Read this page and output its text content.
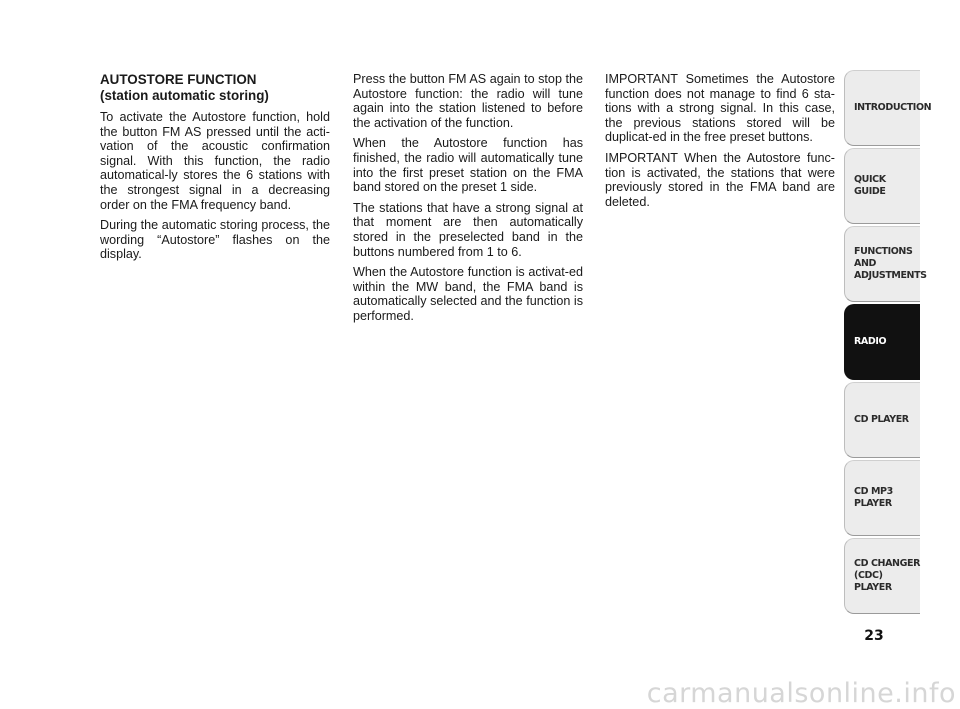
AUTOSTORE FUNCTION
(station automatic storing)

To activate the Autostore function, hold the button FM AS pressed until the acti-vation of the acoustic confirmation signal. With this function, the radio automatical-ly stores the 6 stations with the strongest signal in a decreasing order on the FMA frequency band.

During the automatic storing process, the wording “Autostore” flashes on the display.

Press the button FM AS again to stop the Autostore function: the radio will tune again into the station listened to before the activation of the function.

When the Autostore function has finished, the radio will automatically tune into the first preset station on the FMA band stored on the preset 1 side.

The stations that have a strong signal at that moment are then automatically stored in the preselected band in the buttons numbered from 1 to 6.

When the Autostore function is activat-ed within the MW band, the FMA band is automatically selected and the function is performed.

IMPORTANT Sometimes the Autostore function does not manage to find 6 sta-tions with a strong signal. In this case, the previous stations stored will be duplicat-ed in the free preset buttons.

IMPORTANT When the Autostore func-tion is activated, the stations that were previously stored in the FMA band are deleted.

INTRODUCTION
QUICK
GUIDE
FUNCTIONS
AND
ADJUSTMENTS
RADIO
CD PLAYER
CD MP3
PLAYER
CD CHANGER
(CDC) PLAYER
23
carmanualsonline.info
